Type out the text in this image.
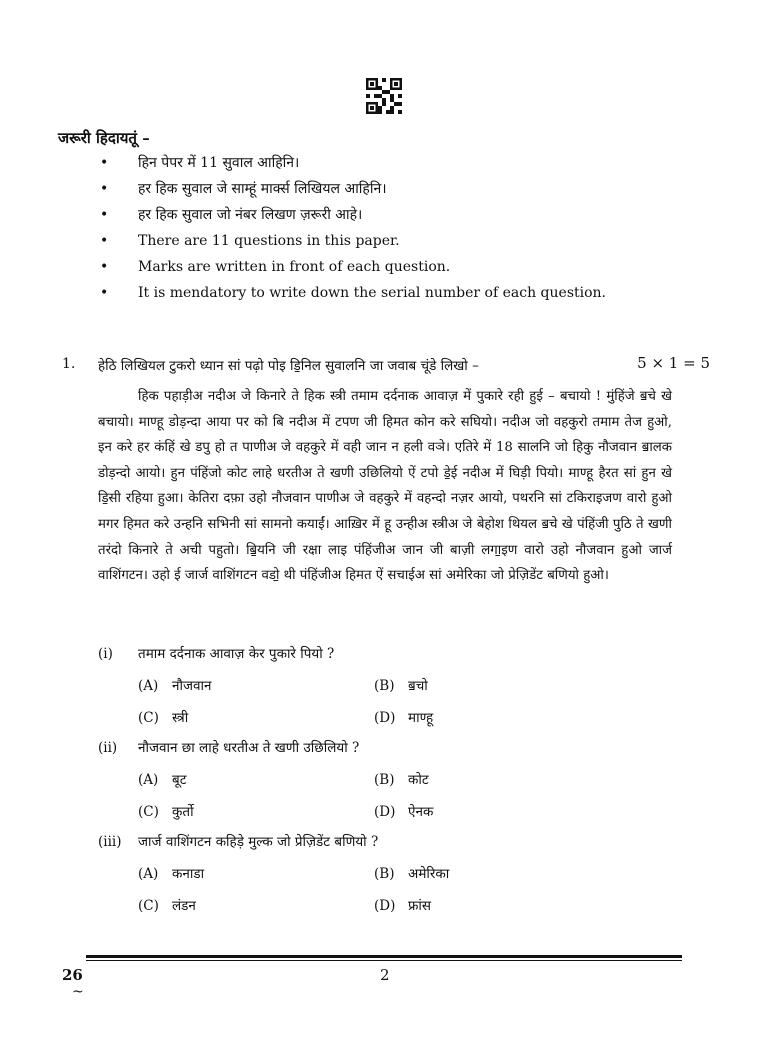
जरूरी हिदायतूं –
• हिन पेपर में 11 सुवाल आहिनि।
• हर हिक सुवाल जे साम्हूं मार्क्स लिखियल आहिनि।
• हर हिक सुवाल जो नंबर लिखण ज़रूरी आहे।
• There are 11 questions in this paper.
• Marks are written in front of each question.
• It is mendatory to write down the serial number of each question.
1. हेठि लिखियल टुकरो ध्यान सां पढ़ो पोइ डि॒निल सुवालनि जा जवाब चूंडे लिखो –	5 × 1 = 5
हिक पहाड़ीअ नदीअ जे किनारे ते हिक स्त्री तमाम दर्दनाक आवाज़ में पुकारे रही हुई – बचायो ! मुंहिंजे ॿचे खे बचायो। माण्हू डोड़न्दा आया पर को बि नदीअ में टपण जी हिमत कोन करे सघियो। नदीअ जो वहकुरो तमाम तेज हुओ, इन करे हर कंहिं खे डपु हो त पाणीअ जे वहकुरे में वही जान न हली वञे। एतिरे में 18 सालनि जो हिकु नौजवान ॿालक डोड़न्दो आयो। हुन पंहिंजो कोट लाहे धरतीअ ते खणी उछिलियो ऐं टपो डे॒ई नदीअ में घिड़ी पियो। माण्हू हैरत सां हुन खे डि॒सी रहिया हुआ। केतिरा दफ़ा उहो नौजवान पाणीअ जे वहकुरे में वहन्दो नज़र आयो, पथरनि सां टकिराइजण वारो हुओ मगर हिमत करे उन्हनि सभिनी सां सामनो कयाईं। आख़िर में हू उन्हीअ स्त्रीअ जे बेहोश थियल ॿचे खे पंहिंजी पुठि ते खणी तरंदो किनारे ते अची पहुतो। ॿि॒यनि जी रक्षा लाइ पंहिंजीअ जान जी बाज़ी लगा॒इण वारो उहो नौजवान हुओ जार्ज वाशिंगटन। उहो ई जार्ज वाशिंगटन वडो॒ थी पंहिंजीअ हिमत ऐं सचाईअ सां अमेरिका जो प्रेज़िडेंट बणियो हुओ।
(i) तमाम दर्दनाक आवाज़ केर पुकारे पियो ?
(A) नौजवान	(B) ॿचो
(C) स्त्री	(D) माण्हू
(ii) नौजवान छा लाहे धरतीअ ते खणी उछिलियो ?
(A) बूट	(B) कोट
(C) कुर्तो	(D) ऐनक
(iii) जार्ज वाशिंगटन कहिड़े मुल्क जो प्रेज़िडेंट बणियो ?
(A) कनाडा	(B) अमेरिका
(C) लंडन	(D) फ्रांस
26	2
~
